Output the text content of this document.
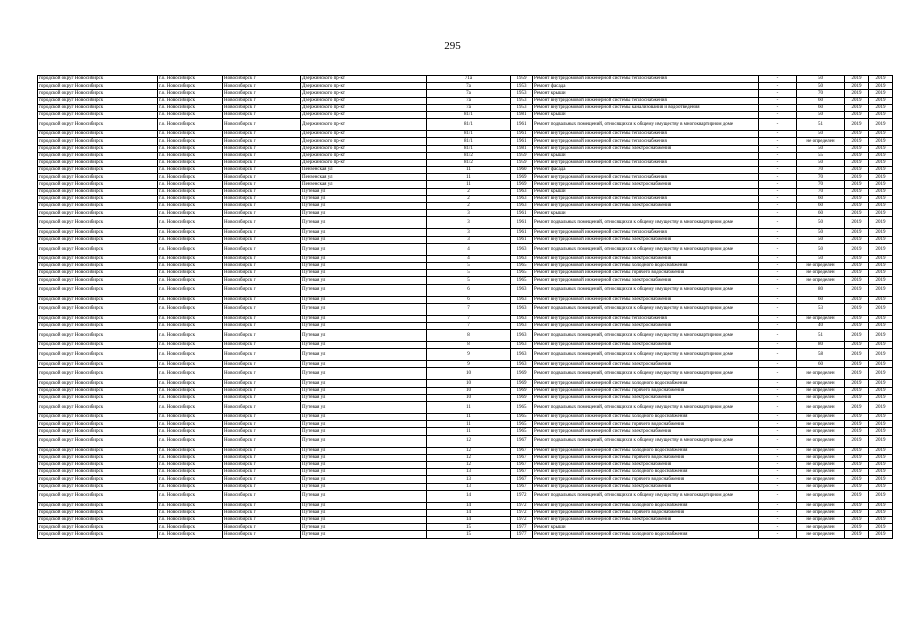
295
городской округ Новосибирск	г.о. Новосибирск	Новосибирск г	Дзержинского пр-кт	71а	1959	Ремонт внутридомовой инженерной системы теплоснабжения	-	50	2019	2019
городской округ Новосибирск	г.о. Новосибирск	Новосибирск г	Дзержинского пр-кт	7а	1953	Ремонт фасада	-	50	2019	2019
городской округ Новосибирск	г.о. Новосибирск	Новосибирск г	Дзержинского пр-кт	7а	1953	Ремонт крыши	-	70	2019	2019
городской округ Новосибирск	г.о. Новосибирск	Новосибирск г	Дзержинского пр-кт	7а	1953	Ремонт внутридомовой инженерной системы теплоснабжения	-	60	2019	2019
городской округ Новосибирск	г.о. Новосибирск	Новосибирск г	Дзержинского пр-кт	7а	1953	Ремонт внутридомовой инженерной системы канализования и водоотведения	-	60	2019	2019
городской округ Новосибирск	г.о. Новосибирск	Новосибирск г	Дзержинского пр-кт	81/1	1981	Ремонт крыши	-	50	2019	2019
городской округ Новосибирск	г.о. Новосибирск	Новосибирск г	Дзержинского пр-кт	81/1	1961	Ремонт подвальных помещений, относящихся к общему имуществу в многоквартирном доме	-	51	2019	2019
городской округ Новосибирск	г.о. Новосибирск	Новосибирск г	Дзержинского пр-кт	81/1	1961	Ремонт внутридомовой инженерной системы теплоснабжения	-	50	2019	2019
городской округ Новосибирск	г.о. Новосибирск	Новосибирск г	Дзержинского пр-кт	81/1	1961	Ремонт внутридомовой инженерной системы теплоснабжения	-	не определен	2019	2019
городской округ Новосибирск	г.о. Новосибирск	Новосибирск г	Дзержинского пр-кт	81/1	1981	Ремонт внутридомовой инженерной системы электроснабжения	-	50	2019	2019
городской округ Новосибирск	г.о. Новосибирск	Новосибирск г	Дзержинского пр-кт	81/2	1959	Ремонт крыши	-	55	2019	2019
городской округ Новосибирск	г.о. Новосибирск	Новосибирск г	Дзержинского пр-кт	81/2	1959	Ремонт внутридомовой инженерной системы теплоснабжения	-	50	2019	2019
городской округ Новосибирск	г.о. Новосибирск	Новосибирск г	Пензенская ул	11	1960	Ремонт фасада	-	70	2019	2019
городской округ Новосибирск	г.о. Новосибирск	Новосибирск г	Пензенская ул	11	1969	Ремонт внутридомовой инженерной системы теплоснабжения	-	70	2019	2019
городской округ Новосибирск	г.о. Новосибирск	Новосибирск г	Пензенская ул	11	1969	Ремонт внутридомовой инженерной системы электроснабжения	-	70	2019	2019
городской округ Новосибирск	г.о. Новосибирск	Новосибирск г	Путевая ул	2	1963	Ремонт крыши	-	70	2019	2019
городской округ Новосибирск	г.о. Новосибирск	Новосибирск г	Путевая ул	2	1963	Ремонт внутридомовой инженерной системы теплоснабжения	-	60	2019	2019
городской округ Новосибирск	г.о. Новосибирск	Новосибирск г	Путевая ул	2	1963	Ремонт внутридомовой инженерной системы электроснабжения	-	60	2019	2019
городской округ Новосибирск	г.о. Новосибирск	Новосибирск г	Путевая ул	3	1961	Ремонт крыши	-	60	2019	2019
городской округ Новосибирск	г.о. Новосибирск	Новосибирск г	Путевая ул	3	1961	Ремонт подвальных помещений, относящихся к общему имуществу в многоквартирном доме	-	50	2019	2019
городской округ Новосибирск	г.о. Новосибирск	Новосибирск г	Путевая ул	3	1961	Ремонт внутридомовой инженерной системы теплоснабжения	-	50	2019	2019
городской округ Новосибирск	г.о. Новосибирск	Новосибирск г	Путевая ул	3	1961	Ремонт внутридомовой инженерной системы электроснабжения	-	50	2019	2019
городской округ Новосибирск	г.о. Новосибирск	Новосибирск г	Путевая ул	4	1963	Ремонт подвальных помещений, относящихся к общему имуществу в многоквартирном доме	-	50	2019	2019
городской округ Новосибирск	г.о. Новосибирск	Новосибирск г	Путевая ул	4	1963	Ремонт внутридомовой инженерной системы электроснабжения	-	50	2019	2019
городской округ Новосибирск	г.о. Новосибирск	Новосибирск г	Путевая ул	5	1965	Ремонт внутридомовой инженерной системы холодного водоснабжения	-	не определен	2019	2019
городской округ Новосибирск	г.о. Новосибирск	Новосибирск г	Путевая ул	5	1965	Ремонт внутридомовой инженерной системы горячего водоснабжения	-	не определен	2019	2019
городской округ Новосибирск	г.о. Новосибирск	Новосибирск г	Путевая ул	5	1965	Ремонт внутридомовой инженерной системы электроснабжения	-	не определен	2019	2019
городской округ Новосибирск	г.о. Новосибирск	Новосибирск г	Путевая ул	6	1963	Ремонт подвальных помещений, относящихся к общему имуществу в многоквартирном доме	-	80	2019	2019
городской округ Новосибирск	г.о. Новосибирск	Новосибирск г	Путевая ул	6	1963	Ремонт внутридомовой инженерной системы электроснабжения	-	60	2019	2019
городской округ Новосибирск	г.о. Новосибирск	Новосибирск г	Путевая ул	7	1963	Ремонт подвальных помещений, относящихся к общему имуществу в многоквартирном доме	-	53	2019	2019
городской округ Новосибирск	г.о. Новосибирск	Новосибирск г	Путевая ул	7	1963	Ремонт внутридомовой инженерной системы теплоснабжения	-	не определен	2019	2019
городской округ Новосибирск	г.о. Новосибирск	Новосибирск г	Путевая ул	7	1963	Ремонт внутридомовой инженерной системы электроснабжения	-	40	2019	2019
городской округ Новосибирск	г.о. Новосибирск	Новосибирск г	Путевая ул	8	1963	Ремонт подвальных помещений, относящихся к общему имуществу в многоквартирном доме	-	51	2019	2019
городской округ Новосибирск	г.о. Новосибирск	Новосибирск г	Путевая ул	8	1963	Ремонт внутридомовой инженерной системы электроснабжения	-	80	2019	2019
городской округ Новосибирск	г.о. Новосибирск	Новосибирск г	Путевая ул	9	1963	Ремонт подвальных помещений, относящихся к общему имуществу в многоквартирном доме	-	58	2019	2019
городской округ Новосибирск	г.о. Новосибирск	Новосибирск г	Путевая ул	9	1963	Ремонт внутридомовой инженерной системы электроснабжения	-	60	2019	2019
городской округ Новосибирск	г.о. Новосибирск	Новосибирск г	Путевая ул	10	1969	Ремонт подвальных помещений, относящихся к общему имуществу в многоквартирном доме	-	не определен	2019	2019
городской округ Новосибирск	г.о. Новосибирск	Новосибирск г	Путевая ул	10	1969	Ремонт внутридомовой инженерной системы холодного водоснабжения	-	не определен	2019	2019
городской округ Новосибирск	г.о. Новосибирск	Новосибирск г	Путевая ул	10	1969	Ремонт внутридомовой инженерной системы горячего водоснабжения	-	не определен	2019	2019
городской округ Новосибирск	г.о. Новосибирск	Новосибирск г	Путевая ул	10	1969	Ремонт внутридомовой инженерной системы электроснабжения	-	не определен	2019	2019
городской округ Новосибирск	г.о. Новосибирск	Новосибирск г	Путевая ул	11	1965	Ремонт подвальных помещений, относящихся к общему имуществу в многоквартирном доме	-	не определен	2019	2019
городской округ Новосибирск	г.о. Новосибирск	Новосибирск г	Путевая ул	11	1965	Ремонт внутридомовой инженерной системы холодного водоснабжения	-	не определен	2019	2019
городской округ Новосибирск	г.о. Новосибирск	Новосибирск г	Путевая ул	11	1965	Ремонт внутридомовой инженерной системы горячего водоснабжения	-	не определен	2019	2019
городской округ Новосибирск	г.о. Новосибирск	Новосибирск г	Путевая ул	11	1965	Ремонт внутридомовой инженерной системы электроснабжения	-	не определен	2019	2019
городской округ Новосибирск	г.о. Новосибирск	Новосибирск г	Путевая ул	12	1967	Ремонт подвальных помещений, относящихся к общему имуществу в многоквартирном доме	-	не определен	2019	2019
городской округ Новосибирск	г.о. Новосибирск	Новосибирск г	Путевая ул	12	1967	Ремонт внутридомовой инженерной системы холодного водоснабжения	-	не определен	2019	2019
городской округ Новосибирск	г.о. Новосибирск	Новосибирск г	Путевая ул	12	1967	Ремонт внутридомовой инженерной системы горячего водоснабжения	-	не определен	2019	2019
городской округ Новосибирск	г.о. Новосибирск	Новосибирск г	Путевая ул	12	1967	Ремонт внутридомовой инженерной системы электроснабжения	-	не определен	2019	2019
городской округ Новосибирск	г.о. Новосибирск	Новосибирск г	Путевая ул	13	1967	Ремонт внутридомовой инженерной системы холодного водоснабжения	-	не определен	2019	2019
городской округ Новосибирск	г.о. Новосибирск	Новосибирск г	Путевая ул	13	1967	Ремонт внутридомовой инженерной системы горячего водоснабжения	-	не определен	2019	2019
городской округ Новосибирск	г.о. Новосибирск	Новосибирск г	Путевая ул	13	1967	Ремонт внутридомовой инженерной системы электроснабжения	-	не определен	2019	2019
городской округ Новосибирск	г.о. Новосибирск	Новосибирск г	Путевая ул	14	1972	Ремонт подвальных помещений, относящихся к общему имуществу в многоквартирном доме	-	не определен	2019	2019
городской округ Новосибирск	г.о. Новосибирск	Новосибирск г	Путевая ул	14	1972	Ремонт внутридомовой инженерной системы холодного водоснабжения	-	не определен	2019	2019
городской округ Новосибирск	г.о. Новосибирск	Новосибирск г	Путевая ул	14	1972	Ремонт внутридомовой инженерной системы горячего водоснабжения	-	не определен	2019	2019
городской округ Новосибирск	г.о. Новосибирск	Новосибирск г	Путевая ул	14	1972	Ремонт внутридомовой инженерной системы электроснабжения	-	не определен	2019	2019
городской округ Новосибирск	г.о. Новосибирск	Новосибирск г	Путевая ул	15	1977	Ремонт крыши	-	не определен	2019	2019
городской округ Новосибирск	г.о. Новосибирск	Новосибирск г	Путевая ул	15	1977	Ремонт внутридомовой инженерной системы холодного водоснабжения	-	не определен	2019	2019
